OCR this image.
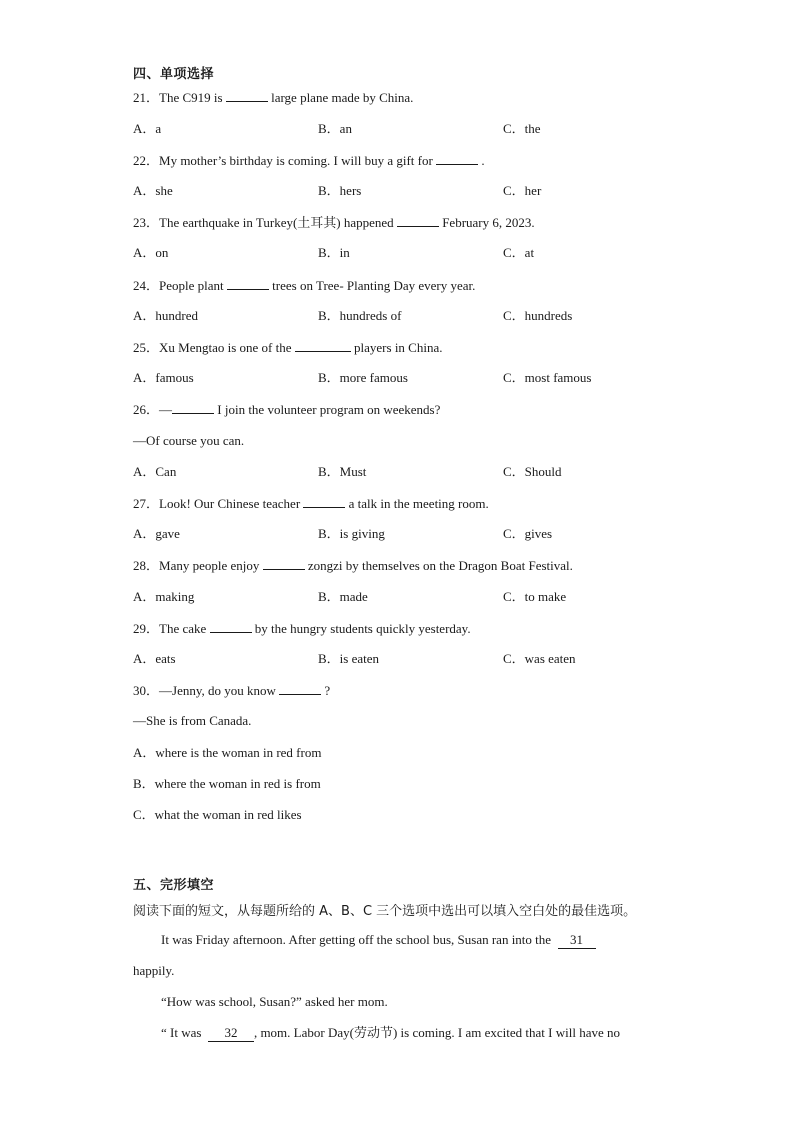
四、单项选择
21．The C919 is	large plane made by China.
A．a	B．an	C．the
22．My mother’s birthday is coming. I will buy a gift for	.
A．she	B．hers	C．her
23．The earthquake in Turkey(土耳其) happened	February 6, 2023.
A．on	B．in	C．at
24．People plant	trees on Tree- Planting Day every year.
A．hundred	B．hundreds of	C．hundreds
25．Xu Mengtao is one of the	players in China.
A．famous	B．more famous	C．most famous
26．—	I join the volunteer program on weekends?
—Of course you can.
A．Can	B．Must	C．Should
27．Look! Our Chinese teacher	a talk in the meeting room.
A．gave	B．is giving	C．gives
28．Many people enjoy	zongzi by themselves on the Dragon Boat Festival.
A．making	B．made	C．to make
29．The cake	by the hungry students quickly yesterday.
A．eats	B．is eaten	C．was eaten
30．—Jenny, do you know	?
—She is from Canada.
A．where is the woman in red from
B．where the woman in red is from
C．what the woman in red likes
五、完形填空
阅读下面的短文，从每题所给的 A、B、C 三个选项中选出可以填入空白处的最佳选项。
It was Friday afternoon. After getting off the school bus, Susan ran into the 31
happily.
“How was school, Susan?” asked her mom.
“ It was 32 , mom. Labor Day(劳动节) is coming. I am excited that I will have no
